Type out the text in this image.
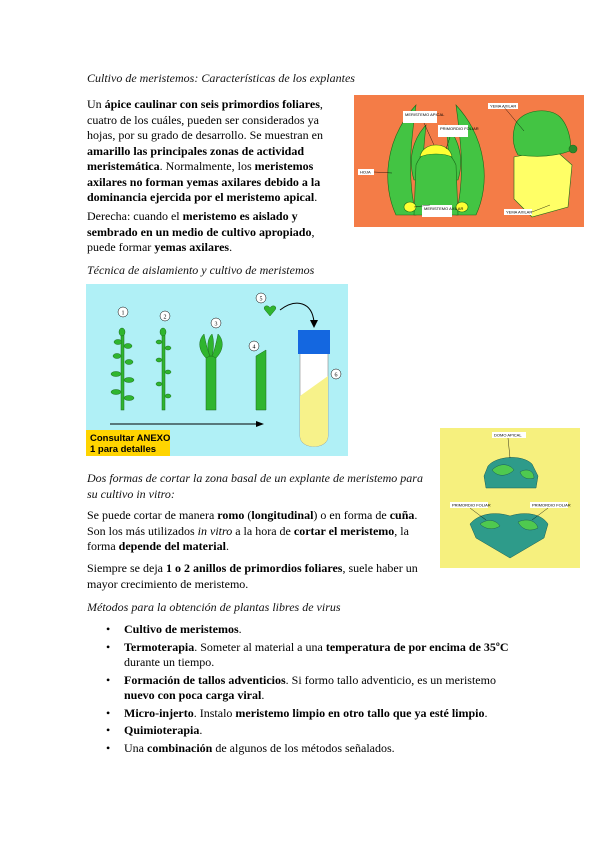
Cultivo de meristemos: Características de los explantes
Un ápice caulinar con seis primordios foliares, cuatro de los cuáles, pueden ser considerados ya hojas, por su grado de desarrollo. Se muestran en amarillo las principales zonas de actividad meristemática. Normalmente, los meristemos axilares no forman yemas axilares debido a la dominancia ejercida por el meristemo apical.
Derecha: cuando el meristemo es aislado y sembrado en un medio de cultivo apropiado, puede formar yemas axilares.
MERISTEMO APICAL
PRIMORDIO FOLIAR
YEMA AXILAR
HOJA
MERISTEMO AXILAR
YEMA AXILAR
Técnica de aislamiento y cultivo de meristemos
1
2
3
4
5
6
Consultar ANEXO
1 para detalles
DOMO APICAL
PRIMORDIO FOLIAR	PRIMORDIO FOLIAR
Dos formas de cortar la zona basal de un explante de meristemo para
su cultivo in vitro:
Se puede cortar de manera romo (longitudinal) o en forma de cuña. Son los más utilizados in vitro a la hora de cortar el meristemo, la forma depende del material.
Siempre se deja 1 o 2 anillos de primordios foliares, suele haber un mayor crecimiento de meristemo.
Métodos para la obtención de plantas libres de virus
• Cultivo de meristemos.
• Termoterapia. Someter al material a una temperatura de por encima de 35ºC durante un tiempo.
• Formación de tallos adventicios. Si formo tallo adventicio, es un meristemo nuevo con poca carga viral.
• Micro-injerto. Instalo meristemo limpio en otro tallo que ya esté limpio.
• Quimioterapia.
• Una combinación de algunos de los métodos señalados.
